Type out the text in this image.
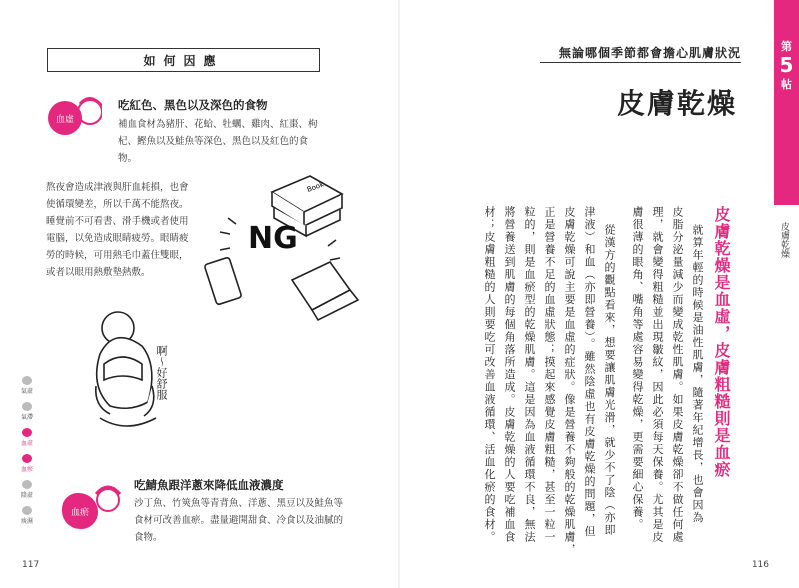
如何因應
血虛
吃紅色、黑色以及深色的食物
補血食材為豬肝、花蛤、牡蠣、雞肉、紅棗、枸杞、鰹魚以及鮭魚等深色、黑色以及紅色的食物。
熬夜會造成津液與肝血耗損，也會使循環變差，所以千萬不能熬夜。睡覺前不可看書、滑手機或者使用電腦，以免造成眼睛疲勞。眼睛疲勞的時候，可用熱毛巾蓋住雙眼，或者以眼用熱敷墊熱敷。
Book
NG
啊～好舒服
血瘀
吃鯖魚跟洋蔥來降低血液濃度
沙丁魚、竹筴魚等青背魚、洋蔥、黑豆以及鮭魚等食材可改善血瘀。盡量避開甜食、冷食以及油膩的食物。
氣虛
氣滯
血虛
血瘀
陰虛
痰濕
117
第
5
帖
無論哪個季節都會擔心肌膚狀況
皮膚乾燥
皮膚乾燥
皮膚乾燥是血虛，皮膚粗糙則是血瘀
就算年輕的時候是油性肌膚，隨著年紀增長，也會因為
皮脂分泌量減少而變成乾性肌膚。如果皮膚乾燥卻不做任何處
理，就會變得粗糙並出現皺紋，因此必須每天保養。尤其是皮
膚很薄的眼角、嘴角等處容易變得乾燥，更需要細心保養。
從漢方的觀點看來，想要讓肌膚光滑，就少不了陰（亦即
津液）和血（亦即營養）。雖然陰虛也有皮膚乾燥的問題，但
皮膚乾燥可說主要是血虛的症狀。像是營養不夠般的乾燥肌膚，
正是營養不足的血虛狀態；摸起來感覺皮膚粗糙，甚至一粒一
粒的，則是血瘀型的乾燥肌膚。這是因為血液循環不良，無法
將營養送到肌膚的每個角落所造成。皮膚乾燥的人要吃補血食
材；皮膚粗糙的人則要吃可改善血液循環、活血化瘀的食材。
116
